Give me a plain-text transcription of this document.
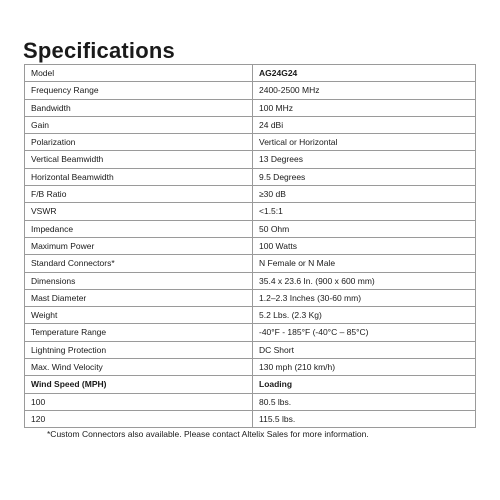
Specifications
Model	AG24G24
Frequency Range	2400-2500 MHz
Bandwidth	100 MHz
Gain	24 dBi
Polarization	Vertical or Horizontal
Vertical Beamwidth	13 Degrees
Horizontal Beamwidth	9.5 Degrees
F/B Ratio	≥30 dB
VSWR	<1.5:1
Impedance	50 Ohm
Maximum Power	100 Watts
Standard Connectors*	N Female or N Male
Dimensions	35.4 x 23.6 In. (900 x 600 mm)
Mast Diameter	1.2–2.3 Inches (30-60 mm)
Weight	5.2 Lbs. (2.3 Kg)
Temperature Range	-40°F - 185°F (-40°C – 85°C)
Lightning Protection	DC Short
Max. Wind Velocity	130 mph (210 km/h)
Wind Speed (MPH)	Loading
100	80.5 lbs.
120	115.5 lbs.
*Custom Connectors also available. Please contact Altelix Sales for more information.
